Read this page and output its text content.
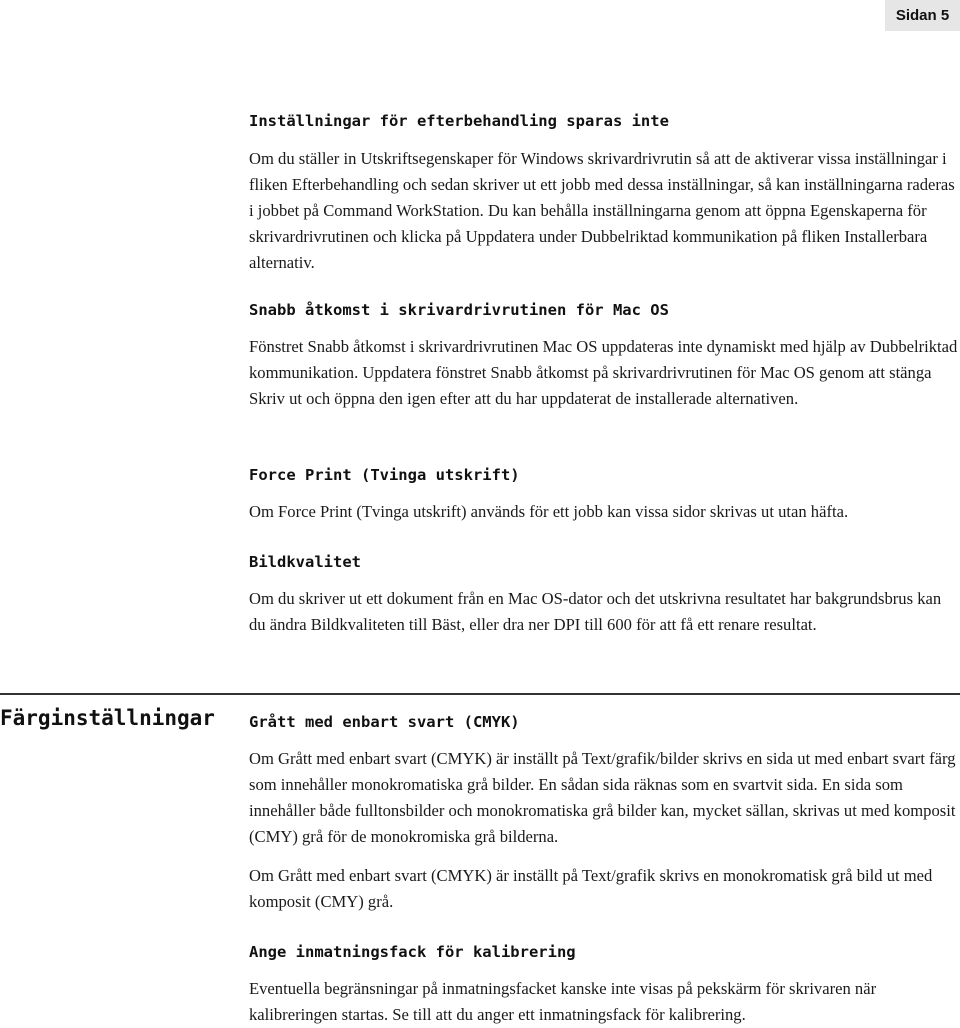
Sidan 5
Inställningar för efterbehandling sparas inte

Om du ställer in Utskriftsegenskaper för Windows skrivardrivrutin så att de aktiverar vissa inställningar i fliken Efterbehandling och sedan skriver ut ett jobb med dessa inställningar, så kan inställningarna raderas i jobbet på Command WorkStation. Du kan behålla inställningarna genom att öppna Egenskaperna för skrivardrivrutinen och klicka på Uppdatera under Dubbelriktad kommunikation på fliken Installerbara alternativ.

Snabb åtkomst i skrivardrivrutinen för Mac OS

Fönstret Snabb åtkomst i skrivardrivrutinen Mac OS uppdateras inte dynamiskt med hjälp av Dubbelriktad kommunikation. Uppdatera fönstret Snabb åtkomst på skrivardrivrutinen för Mac OS genom att stänga Skriv ut och öppna den igen efter att du har uppdaterat de installerade alternativen.

Force Print (Tvinga utskrift)

Om Force Print (Tvinga utskrift) används för ett jobb kan vissa sidor skrivas ut utan häfta.

Bildkvalitet

Om du skriver ut ett dokument från en Mac OS-dator och det utskrivna resultatet har bakgrundsbrus kan du ändra Bildkvaliteten till Bäst, eller dra ner DPI till 600 för att få ett renare resultat.

Färginställningar Grått med enbart svart (CMYK)

Om Grått med enbart svart (CMYK) är inställt på Text/grafik/bilder skrivs en sida ut med enbart svart färg som innehåller monokromatiska grå bilder. En sådan sida räknas som en svartvit sida. En sida som innehåller både fulltonsbilder och monokromatiska grå bilder kan, mycket sällan, skrivas ut med komposit (CMY) grå för de monokromiska grå bilderna.

Om Grått med enbart svart (CMYK) är inställt på Text/grafik skrivs en monokromatisk grå bild ut med komposit (CMY) grå.

Ange inmatningsfack för kalibrering

Eventuella begränsningar på inmatningsfacket kanske inte visas på pekskärm för skrivaren när kalibreringen startas. Se till att du anger ett inmatningsfack för kalibrering.
